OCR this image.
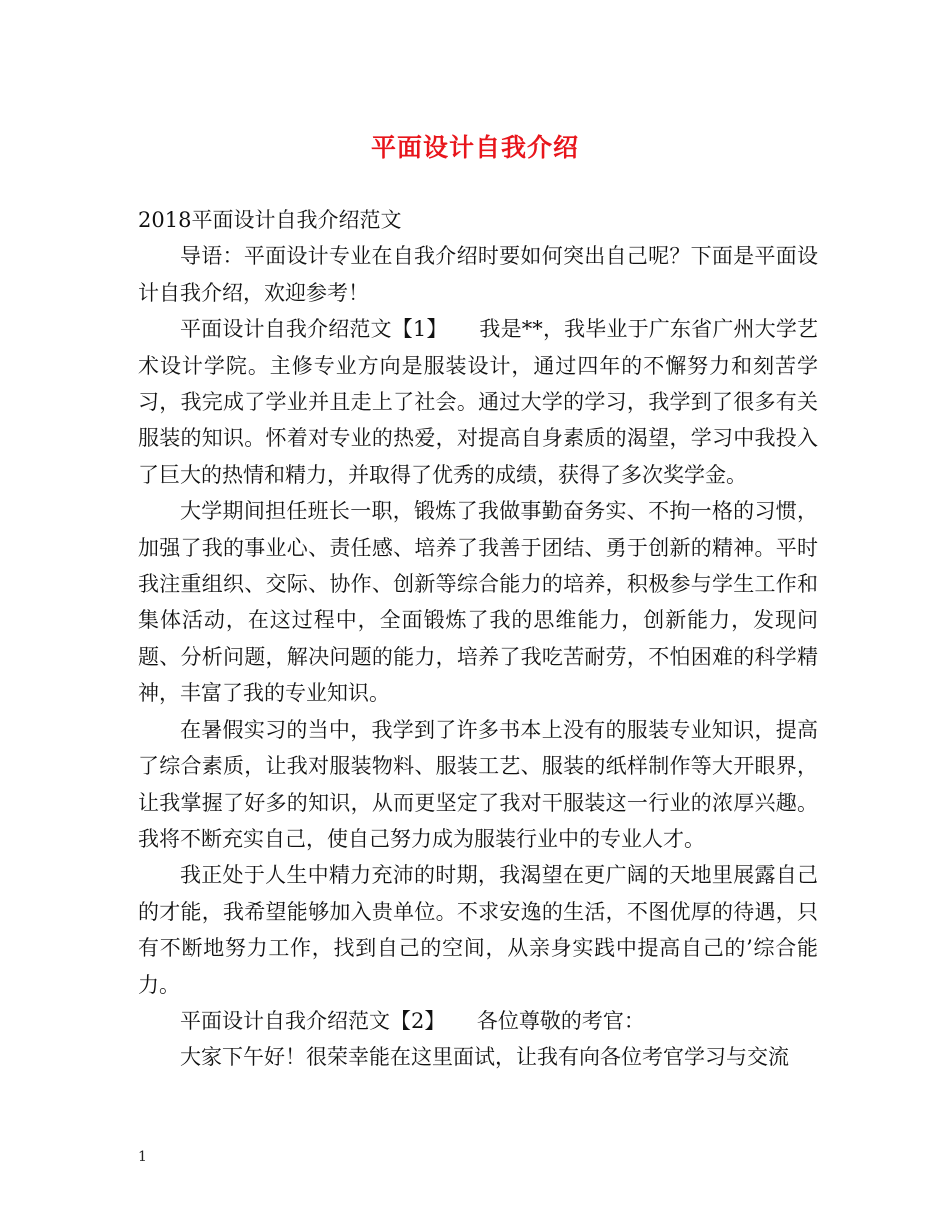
平面设计自我介绍

2018平面设计自我介绍范文

导语：平面设计专业在自我介绍时要如何突出自己呢？下面是平面设计自我介绍，欢迎参考！

平面设计自我介绍范文【1】　　我是**，我毕业于广东省广州大学艺术设计学院。主修专业方向是服装设计，通过四年的不懈努力和刻苦学习，我完成了学业并且走上了社会。通过大学的学习，我学到了很多有关服装的知识。怀着对专业的热爱，对提高自身素质的渴望，学习中我投入了巨大的热情和精力，并取得了优秀的成绩，获得了多次奖学金。

大学期间担任班长一职，锻炼了我做事勤奋务实、不拘一格的习惯，加强了我的事业心、责任感、培养了我善于团结、勇于创新的精神。平时我注重组织、交际、协作、创新等综合能力的培养，积极参与学生工作和集体活动，在这过程中，全面锻炼了我的思维能力，创新能力，发现问题、分析问题，解决问题的能力，培养了我吃苦耐劳，不怕困难的科学精神，丰富了我的专业知识。

在暑假实习的当中，我学到了许多书本上没有的服装专业知识，提高了综合素质，让我对服装物料、服装工艺、服装的纸样制作等大开眼界，让我掌握了好多的知识，从而更坚定了我对干服装这一行业的浓厚兴趣。我将不断充实自己，使自己努力成为服装行业中的专业人才。

我正处于人生中精力充沛的时期，我渴望在更广阔的天地里展露自己的才能，我希望能够加入贵单位。不求安逸的生活，不图优厚的待遇，只有不断地努力工作，找到自己的空间，从亲身实践中提高自己的’综合能力。

平面设计自我介绍范文【2】　　各位尊敬的考官：

大家下午好！很荣幸能在这里面试，让我有向各位考官学习与交流

1
